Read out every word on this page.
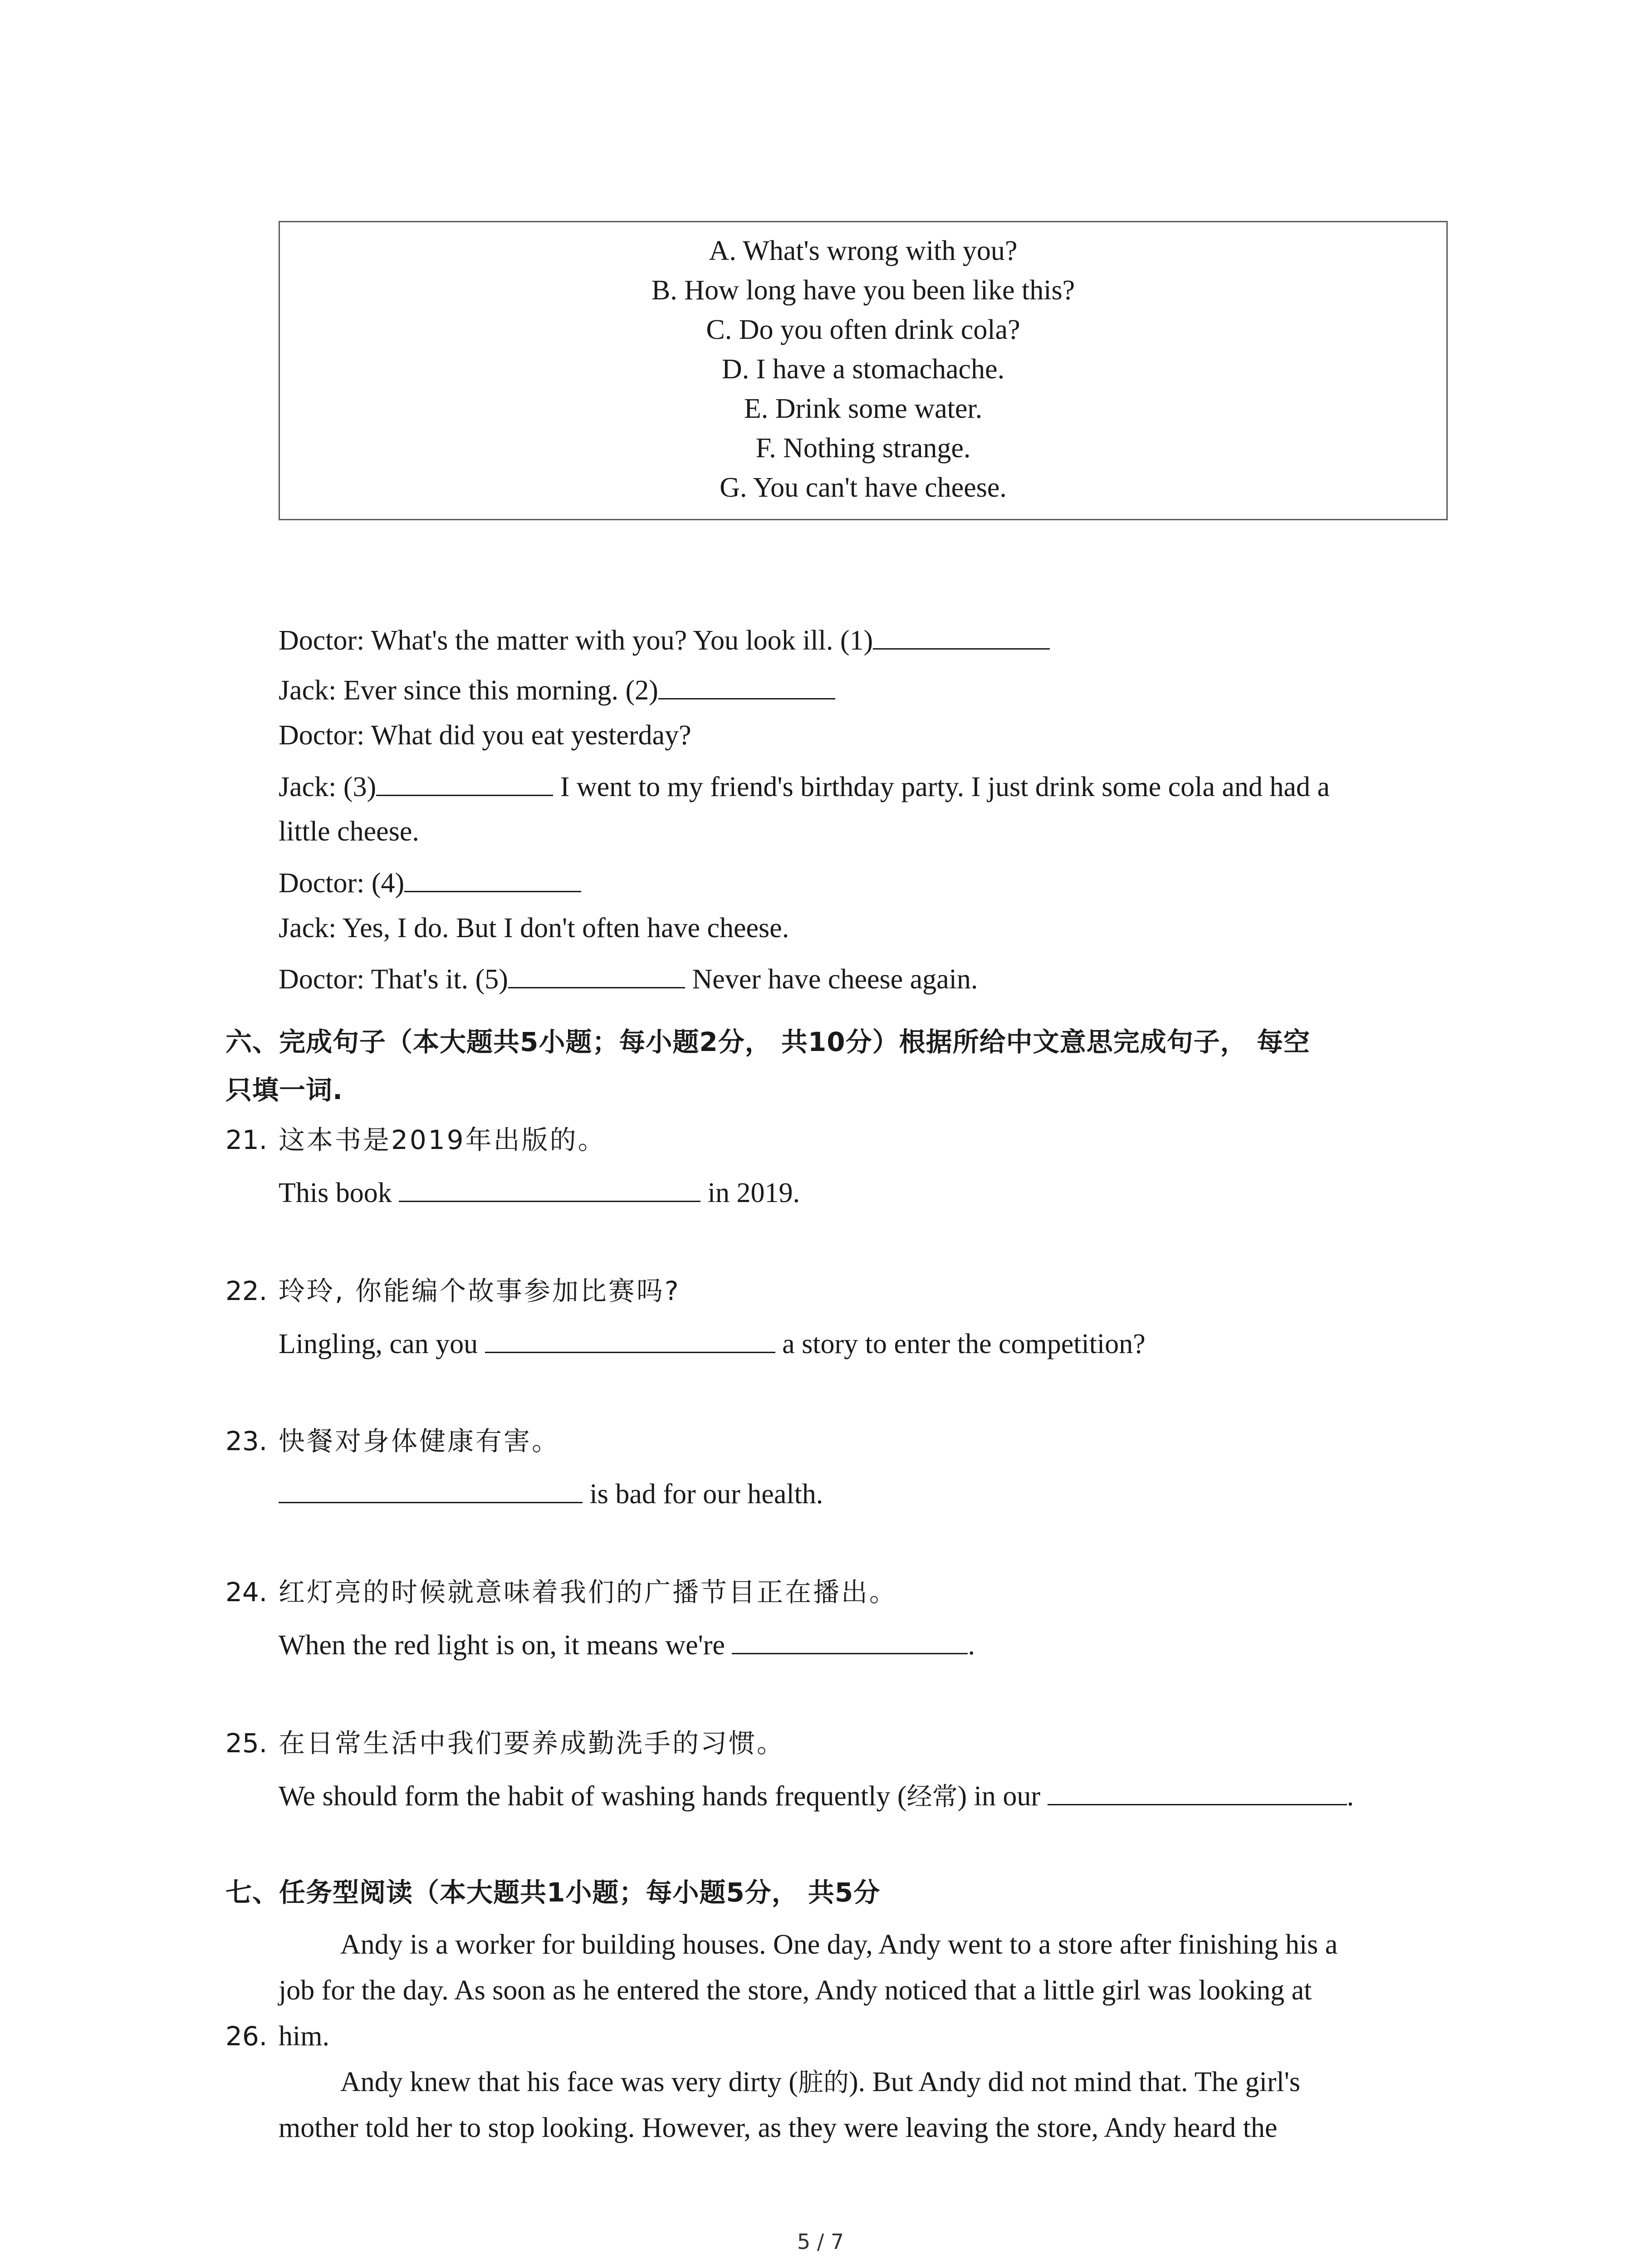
A. What's wrong with you?
B. How long have you been like this?
C. Do you often drink cola?
D. I have a stomachache.
E. Drink some water.
F. Nothing strange.
G. You can't have cheese.
Doctor: What's the matter with you? You look ill. (1)
Jack: Ever since this morning. (2)
Doctor: What did you eat yesterday?
Jack: (3)	I went to my friend's birthday party. I just drink some cola and had a
little cheese.
Doctor: (4)
Jack: Yes, I do. But I don't often have cheese.
Doctor: That's it. (5)	Never have cheese again.
六、完成句子（本大题共5小题；每小题2分， 共10分）根据所给中文意思完成句子， 每空
只填一词.
21. 这本书是2019年出版的。
This book	in 2019.
22. 玲玲, 你能编个故事参加比赛吗?
Lingling, can you	a story to enter the competition?
23. 快餐对身体健康有害。
is bad for our health.
24. 红灯亮的时候就意味着我们的广播节目正在播出。
When the red light is on, it means we're	.
25. 在日常生活中我们要养成勤洗手的习惯。
We should form the habit of washing hands frequently (经常) in our	.
七、任务型阅读（本大题共1小题；每小题5分， 共5分
Andy is a worker for building houses. One day, Andy went to a store after finishing his a
job for the day. As soon as he entered the store, Andy noticed that a little girl was looking at
26. him.
Andy knew that his face was very dirty (脏的). But Andy did not mind that. The girl's
mother told her to stop looking. However, as they were leaving the store, Andy heard the
5 / 7
